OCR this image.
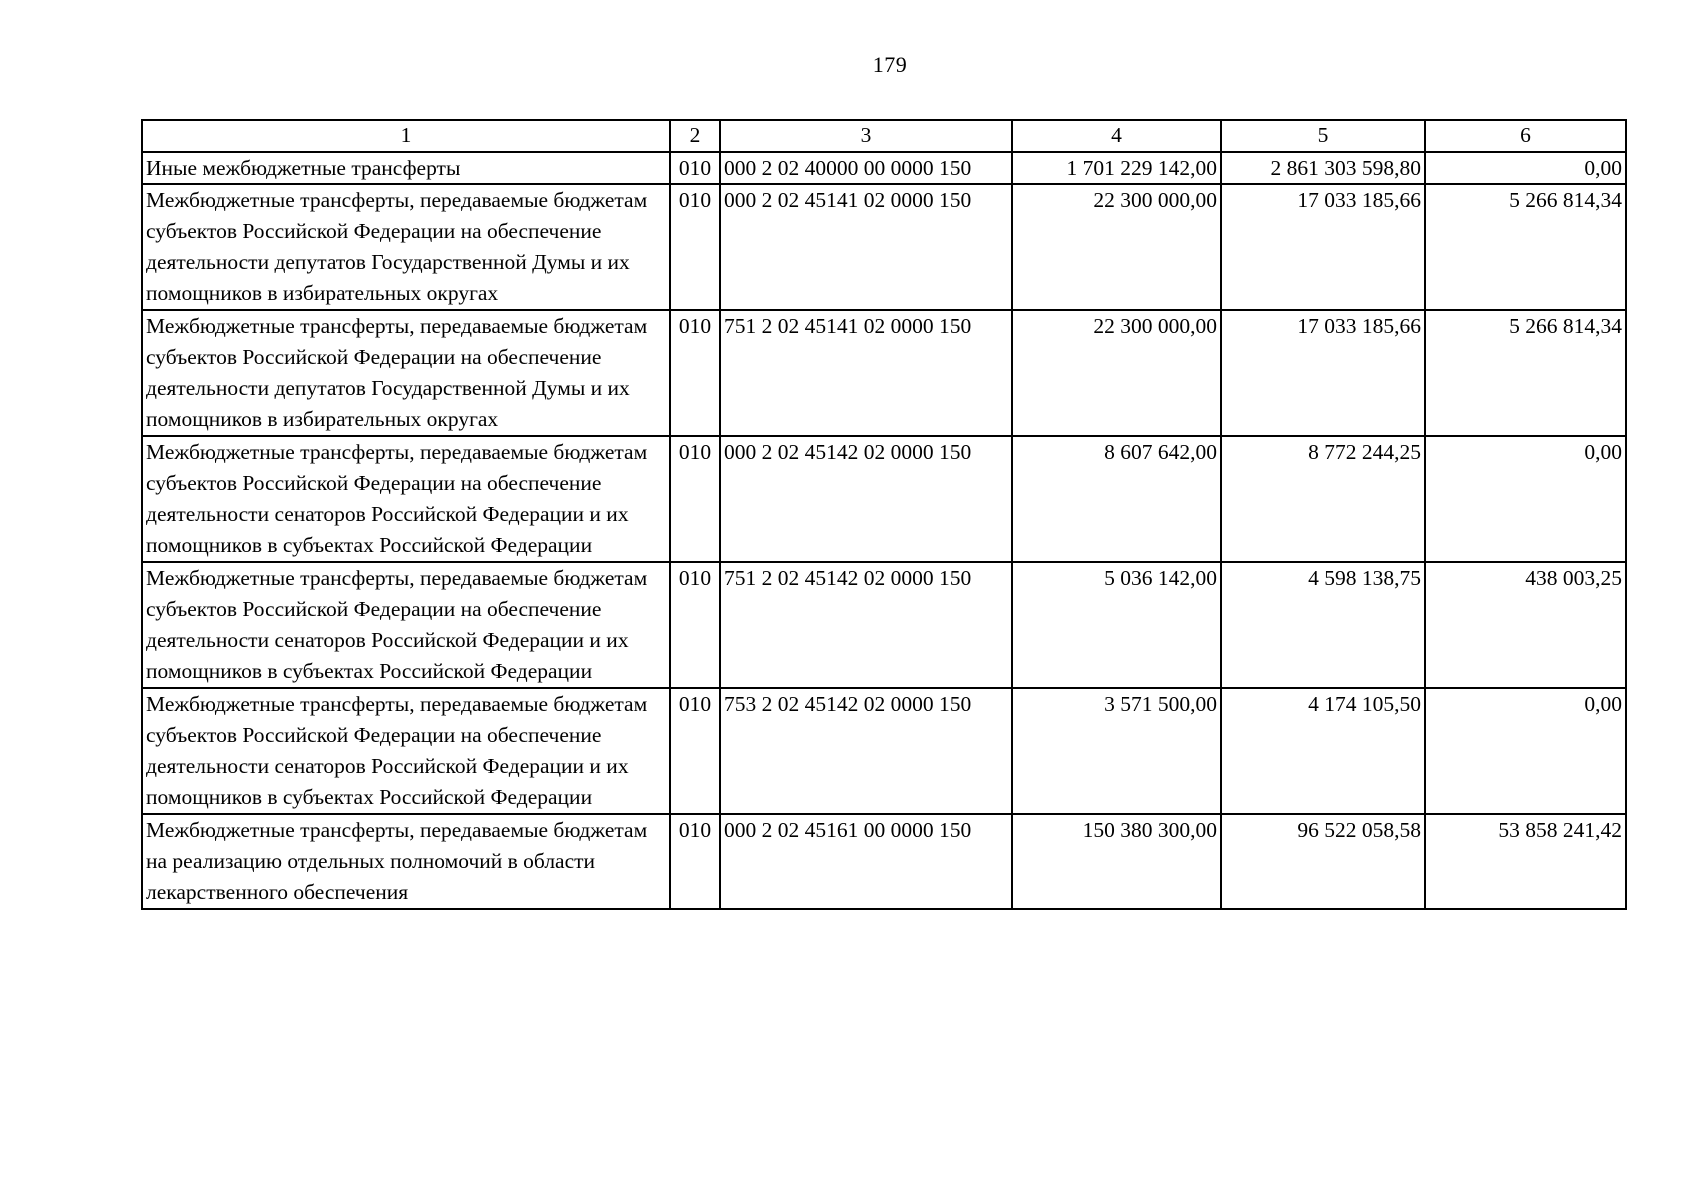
179
1	2	3	4	5	6
Иные межбюджетные трансферты	010	000 2 02 40000 00 0000 150	1 701 229 142,00	2 861 303 598,80	0,00
Межбюджетные трансферты, передаваемые бюджетам субъектов Российской Федерации на обеспечение деятельности депутатов Государственной Думы и их помощников в избирательных округах	010	000 2 02 45141 02 0000 150	22 300 000,00	17 033 185,66	5 266 814,34
Межбюджетные трансферты, передаваемые бюджетам субъектов Российской Федерации на обеспечение деятельности депутатов Государственной Думы и их помощников в избирательных округах	010	751 2 02 45141 02 0000 150	22 300 000,00	17 033 185,66	5 266 814,34
Межбюджетные трансферты, передаваемые бюджетам субъектов Российской Федерации на обеспечение деятельности сенаторов Российской Федерации и их помощников в субъектах Российской Федерации	010	000 2 02 45142 02 0000 150	8 607 642,00	8 772 244,25	0,00
Межбюджетные трансферты, передаваемые бюджетам субъектов Российской Федерации на обеспечение деятельности сенаторов Российской Федерации и их помощников в субъектах Российской Федерации	010	751 2 02 45142 02 0000 150	5 036 142,00	4 598 138,75	438 003,25
Межбюджетные трансферты, передаваемые бюджетам субъектов Российской Федерации на обеспечение деятельности сенаторов Российской Федерации и их помощников в субъектах Российской Федерации	010	753 2 02 45142 02 0000 150	3 571 500,00	4 174 105,50	0,00
Межбюджетные трансферты, передаваемые бюджетам на реализацию отдельных полномочий в области лекарственного обеспечения	010	000 2 02 45161 00 0000 150	150 380 300,00	96 522 058,58	53 858 241,42
